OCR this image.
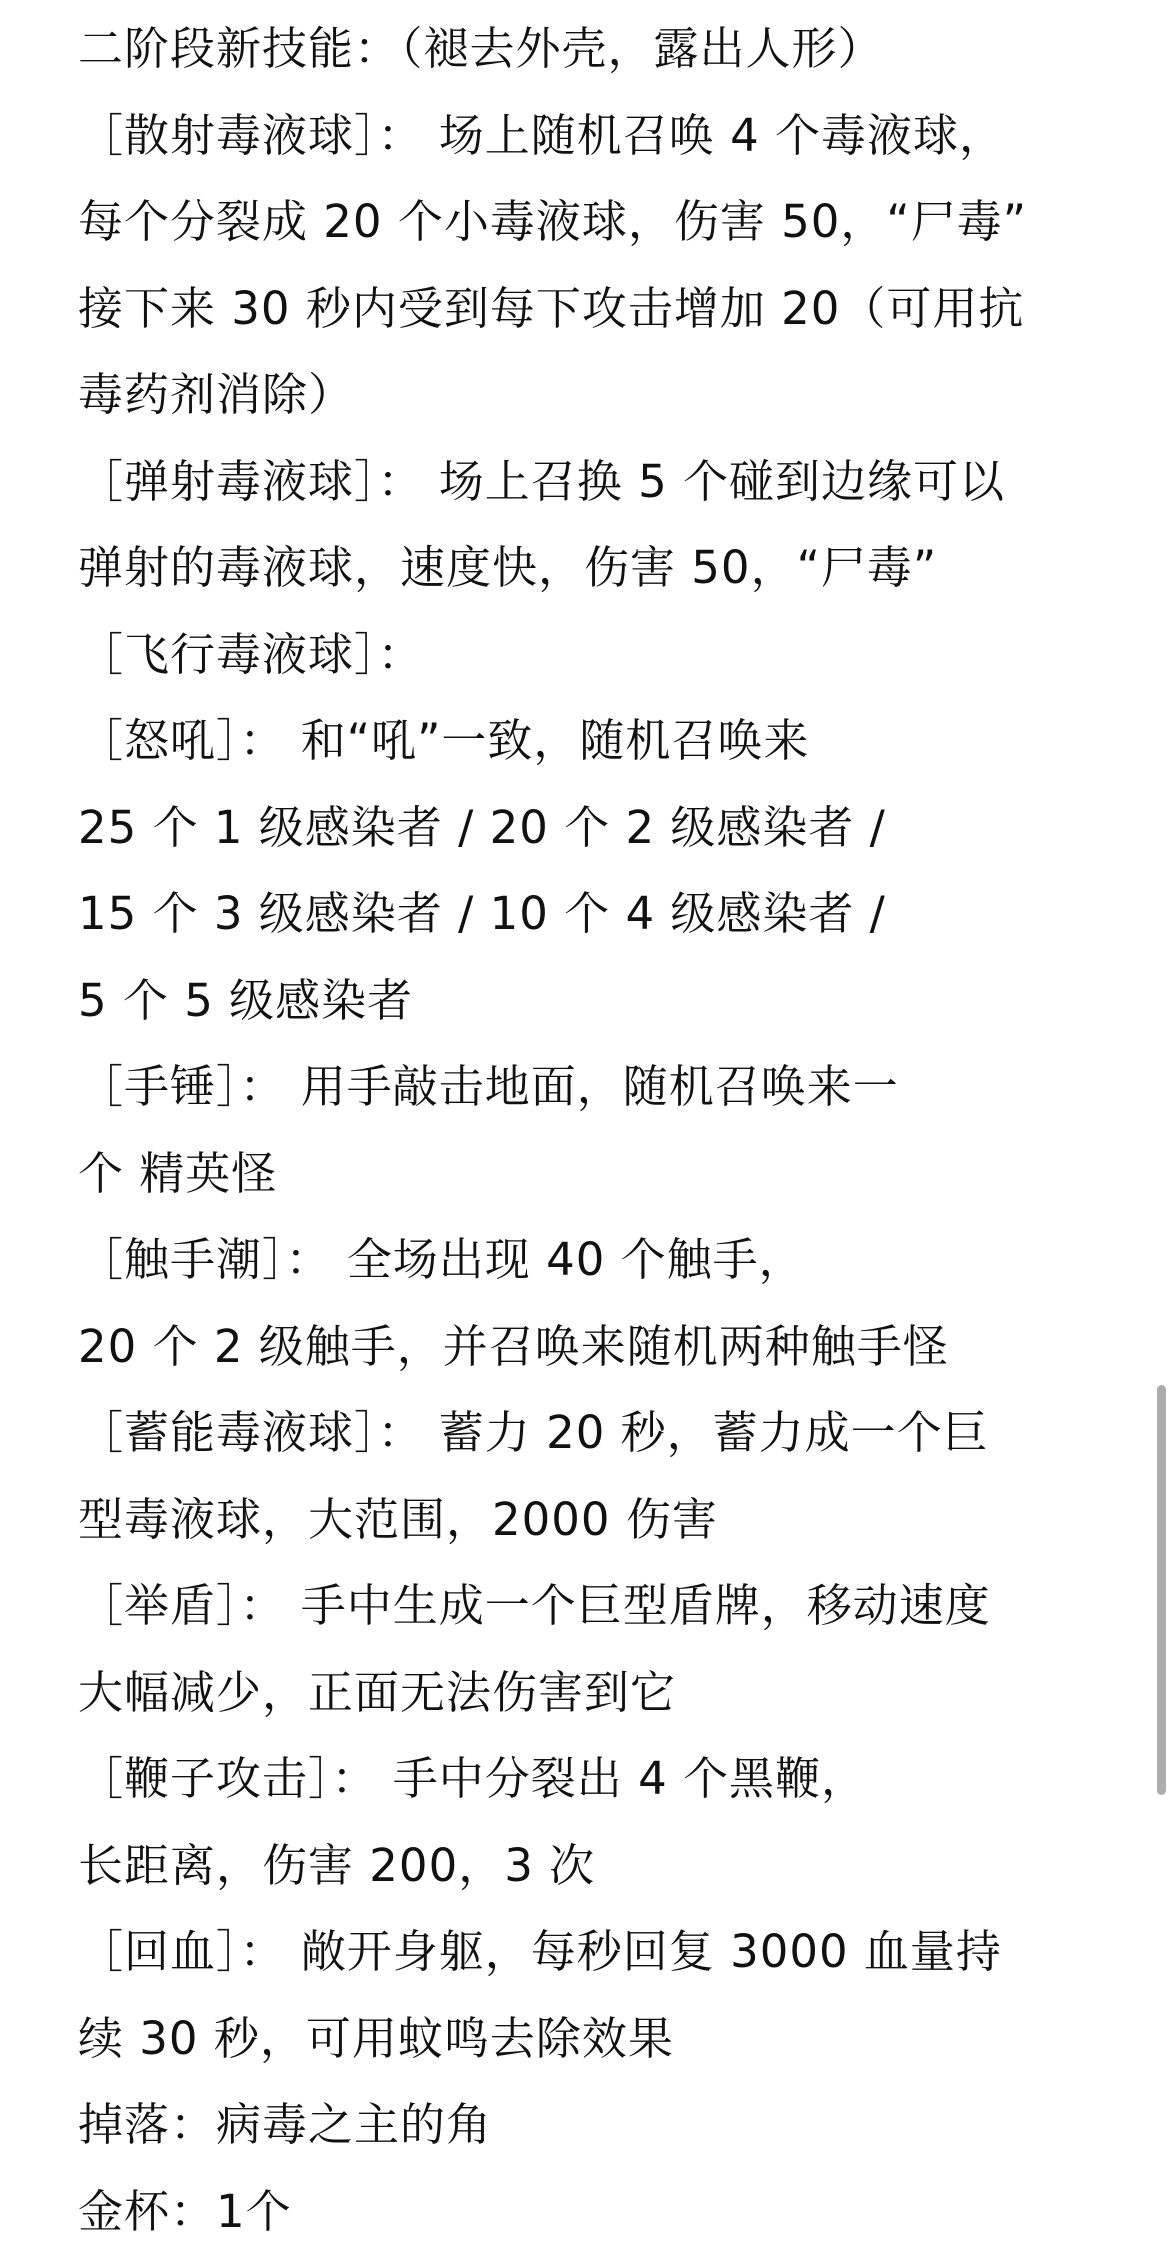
二阶段新技能：（褪去外壳，露出人形）
［散射毒液球］： 场上随机召唤 4 个毒液球，
每个分裂成 20 个小毒液球，伤害 50，“尸毒”
接下来 30 秒内受到每下攻击增加 20（可用抗
毒药剂消除）
［弹射毒液球］： 场上召换 5 个碰到边缘可以
弹射的毒液球，速度快，伤害 50，“尸毒”
［飞行毒液球］：
［怒吼］： 和“吼”一致，随机召唤来
25 个 1 级感染者 / 20 个 2 级感染者 /
15 个 3 级感染者 / 10 个 4 级感染者 /
5 个 5 级感染者
［手锤］： 用手敲击地面，随机召唤来一
个 精英怪
［触手潮］： 全场出现 40 个触手，
20 个 2 级触手，并召唤来随机两种触手怪
［蓄能毒液球］： 蓄力 20 秒，蓄力成一个巨
型毒液球，大范围，2000 伤害
［举盾］： 手中生成一个巨型盾牌，移动速度
大幅减少，正面无法伤害到它
［鞭子攻击］： 手中分裂出 4 个黑鞭，
长距离，伤害 200，3 次
［回血］： 敞开身躯，每秒回复 3000 血量持
续 30 秒，可用蚊鸣去除效果
掉落：病毒之主的角
金杯：1个
